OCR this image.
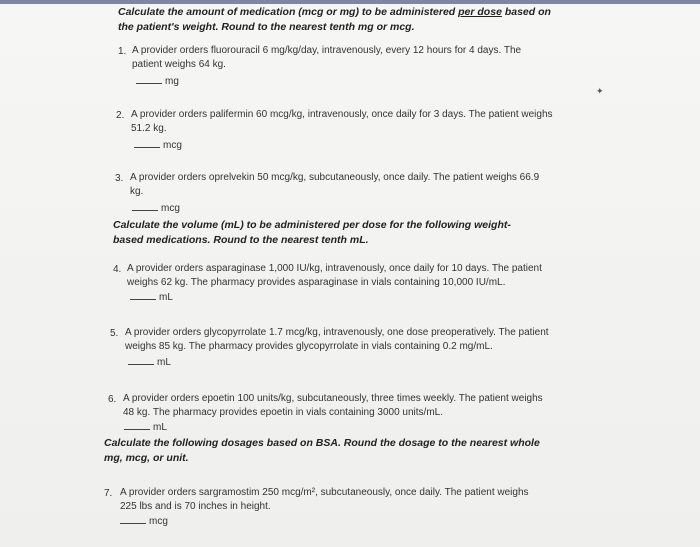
Calculate the amount of medication (mcg or mg) to be administered per dose based on the patient's weight. Round to the nearest tenth mg or mcg.
1. A provider orders fluorouracil 6 mg/kg/day, intravenously, every 12 hours for 4 days. The patient weighs 64 kg.
mg
✦
2. A provider orders palifermin 60 mcg/kg, intravenously, once daily for 3 days. The patient weighs 51.2 kg.
mcg
3. A provider orders oprelvekin 50 mcg/kg, subcutaneously, once daily. The patient weighs 66.9 kg.
mcg
Calculate the volume (mL) to be administered per dose for the following weight-based medications. Round to the nearest tenth mL.
4. A provider orders asparaginase 1,000 IU/kg, intravenously, once daily for 10 days. The patient weighs 62 kg. The pharmacy provides asparaginase in vials containing 10,000 IU/mL.
mL
5. A provider orders glycopyrrolate 1.7 mcg/kg, intravenously, one dose preoperatively. The patient weighs 85 kg. The pharmacy provides glycopyrrolate in vials containing 0.2 mg/mL.
mL
6. A provider orders epoetin 100 units/kg, subcutaneously, three times weekly. The patient weighs 48 kg. The pharmacy provides epoetin in vials containing 3000 units/mL.
mL
Calculate the following dosages based on BSA. Round the dosage to the nearest whole mg, mcg, or unit.
7. A provider orders sargramostim 250 mcg/m², subcutaneously, once daily. The patient weighs 225 lbs and is 70 inches in height.
mcg
